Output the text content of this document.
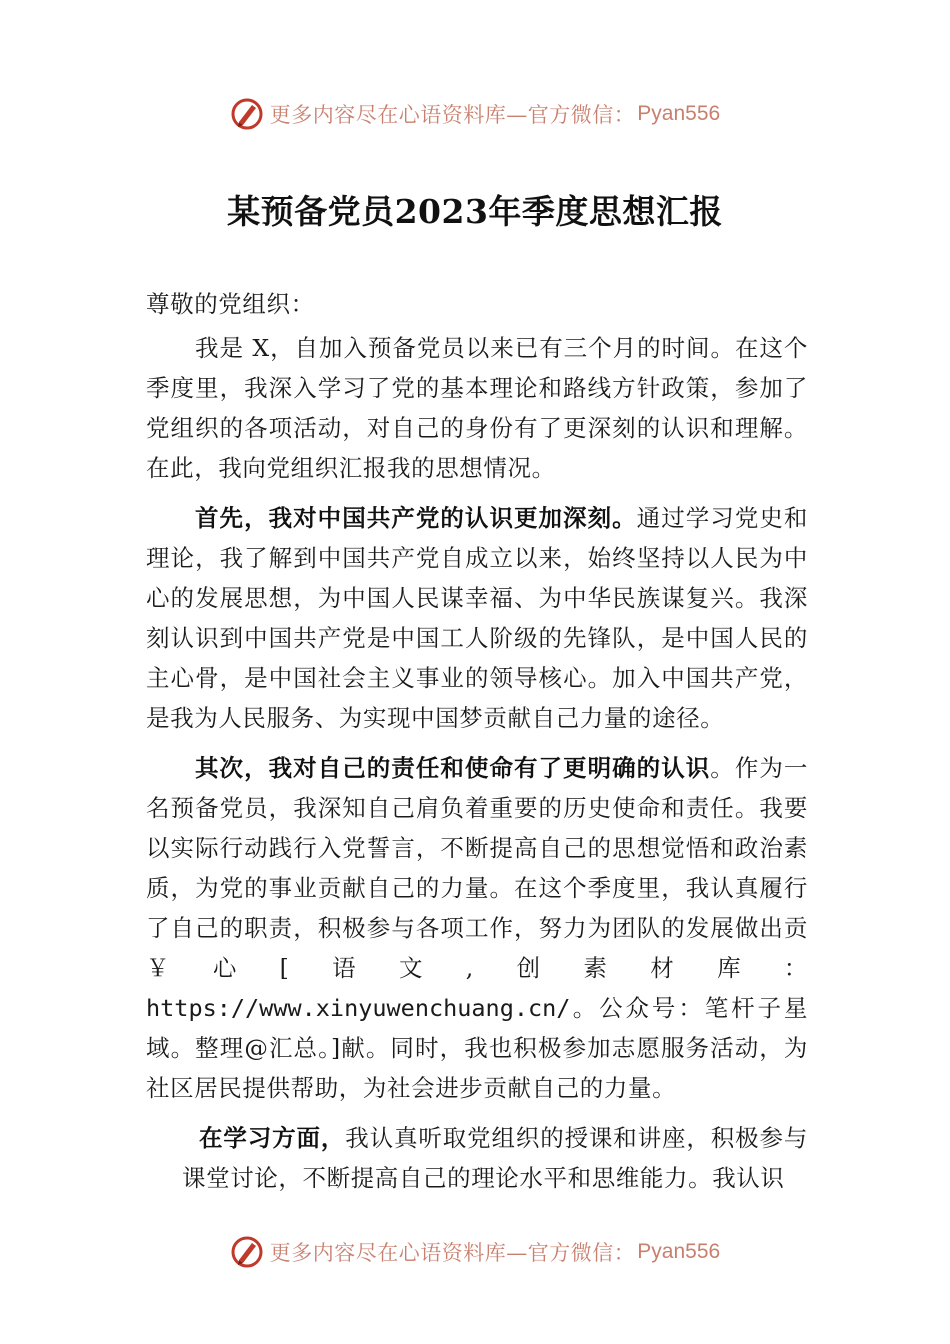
更多内容尽在心语资料库—官方微信： Pyan556
某预备党员2023年季度思想汇报

尊敬的党组织：

我是 X，自加入预备党员以来已有三个月的时间。在这个季度里，我深入学习了党的基本理论和路线方针政策，参加了党组织的各项活动，对自己的身份有了更深刻的认识和理解。在此，我向党组织汇报我的思想情况。

首先，我对中国共产党的认识更加深刻。通过学习党史和理论，我了解到中国共产党自成立以来，始终坚持以人民为中心的发展思想，为中国人民谋幸福、为中华民族谋复兴。我深刻认识到中国共产党是中国工人阶级的先锋队，是中国人民的主心骨，是中国社会主义事业的领导核心。加入中国共产党，是我为人民服务、为实现中国梦贡献自己力量的途径。

其次，我对自己的责任和使命有了更明确的认识。作为一名预备党员，我深知自己肩负着重要的历史使命和责任。我要以实际行动践行入党誓言，不断提高自己的思想觉悟和政治素质，为党的事业贡献自己的力量。在这个季度里，我认真履行了自己的职责，积极参与各项工作，努力为团队的发展做出贡￥心[语文,创素材库：https://www.xinyuwenchuang.cn/。公众号：笔杆子星域。整理@汇总。]献。同时，我也积极参加志愿服务活动，为社区居民提供帮助，为社会进步贡献自己的力量。

在学习方面，我认真听取党组织的授课和讲座，积极参与课堂讨论，不断提高自己的理论水平和思维能力。我认识

更多内容尽在心语资料库—官方微信： Pyan556
